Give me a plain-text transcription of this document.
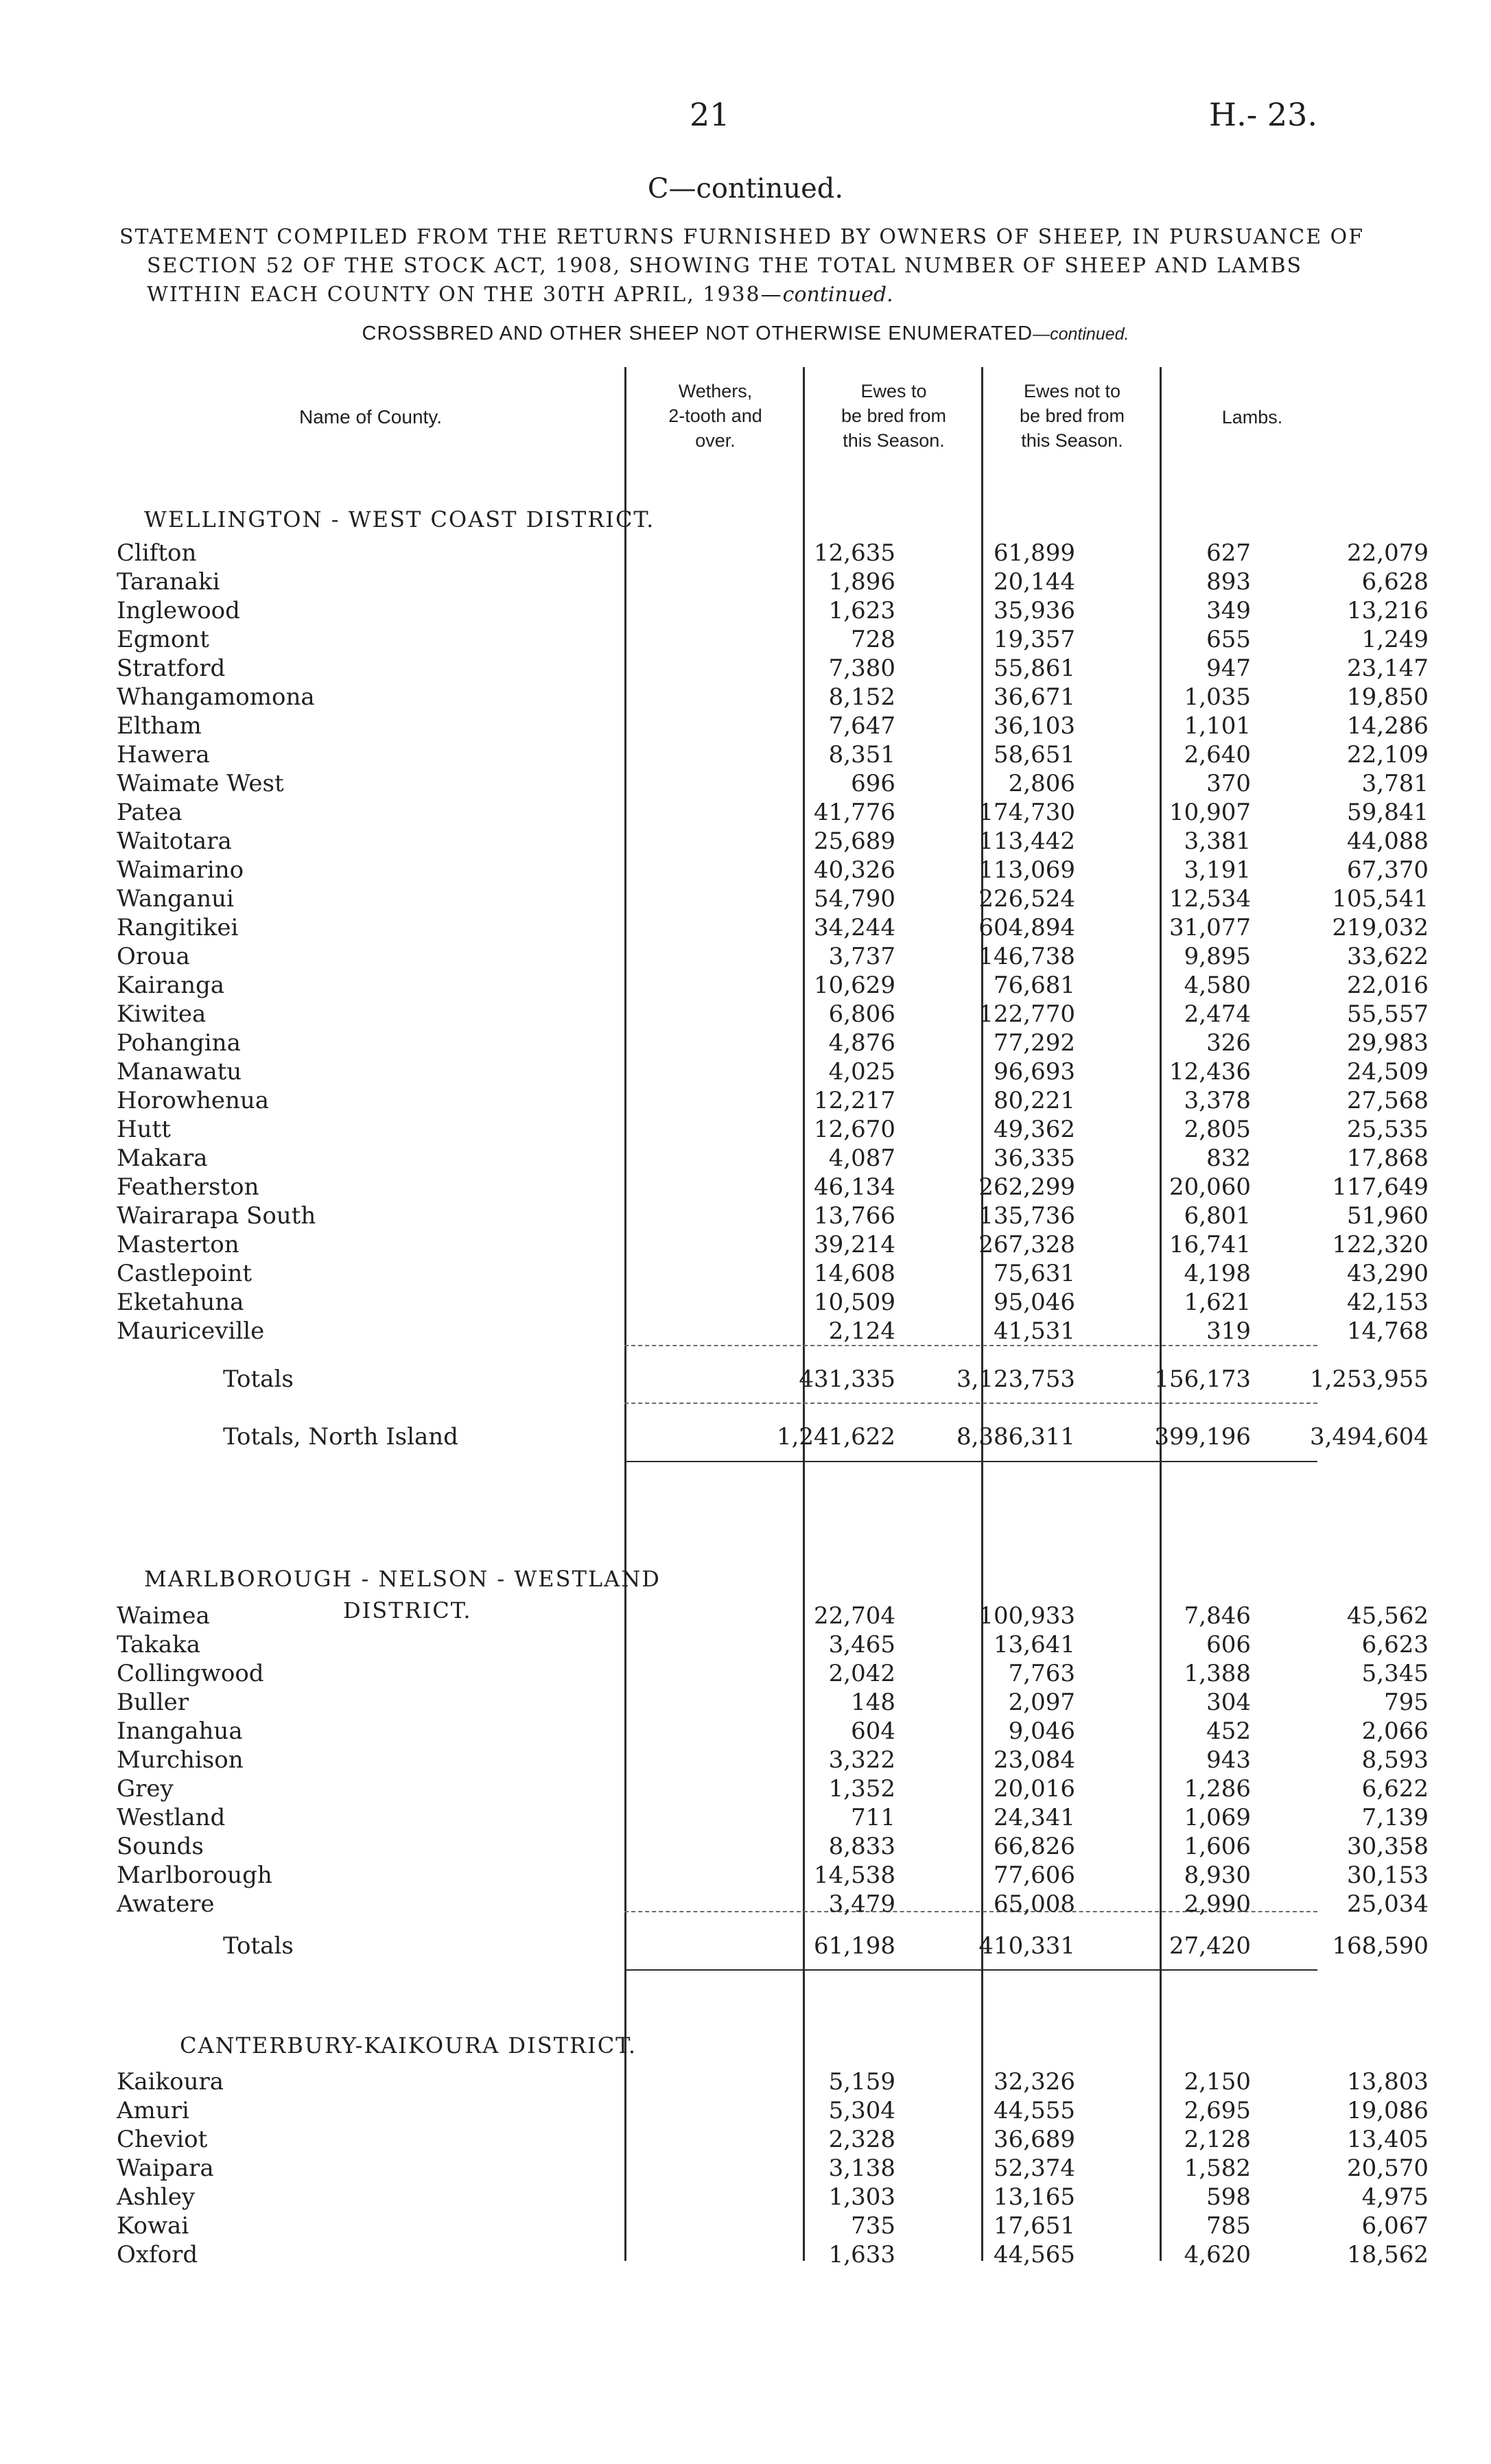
21	H.- 23.
C—continued.
STATEMENT COMPILED FROM THE RETURNS FURNISHED BY OWNERS OF SHEEP, IN PURSUANCE OF
SECTION 52 OF THE STOCK ACT, 1908, SHOWING THE TOTAL NUMBER OF SHEEP AND LAMBS
WITHIN EACH COUNTY ON THE 30TH APRIL, 1938—continued.
CROSSBRED AND OTHER SHEEP NOT OTHERWISE ENUMERATED—continued.
Name of County.
Wethers,
2-tooth and
over.
Ewes to
be bred from
this Season.
Ewes not to
be bred from
this Season.
Lambs.
WELLINGTON - WEST COAST DISTRICT.
Clifton	12,635	61,899	627	22,079
Taranaki	1,896	20,144	893	6,628
Inglewood	1,623	35,936	349	13,216
Egmont	728	19,357	655	1,249
Stratford	7,380	55,861	947	23,147
Whangamomona	8,152	36,671	1,035	19,850
Eltham	7,647	36,103	1,101	14,286
Hawera	8,351	58,651	2,640	22,109
Waimate West	696	2,806	370	3,781
Patea	41,776	174,730	10,907	59,841
Waitotara	25,689	113,442	3,381	44,088
Waimarino	40,326	113,069	3,191	67,370
Wanganui	54,790	226,524	12,534	105,541
Rangitikei	34,244	604,894	31,077	219,032
Oroua	3,737	146,738	9,895	33,622
Kairanga	10,629	76,681	4,580	22,016
Kiwitea	6,806	122,770	2,474	55,557
Pohangina	4,876	77,292	326	29,983
Manawatu	4,025	96,693	12,436	24,509
Horowhenua	12,217	80,221	3,378	27,568
Hutt	12,670	49,362	2,805	25,535
Makara	4,087	36,335	832	17,868
Featherston	46,134	262,299	20,060	117,649
Wairarapa South	13,766	135,736	6,801	51,960
Masterton	39,214	267,328	16,741	122,320
Castlepoint	14,608	75,631	4,198	43,290
Eketahuna	10,509	95,046	1,621	42,153
Mauriceville	2,124	41,531	319	14,768
Totals	431,335	3,123,753	156,173	1,253,955
Totals, North Island	1,241,622	8,386,311	399,196	3,494,604
MARLBOROUGH - NELSON - WESTLAND
DISTRICT.
Waimea	22,704	100,933	7,846	45,562
Takaka	3,465	13,641	606	6,623
Collingwood	2,042	7,763	1,388	5,345
Buller	148	2,097	304	795
Inangahua	604	9,046	452	2,066
Murchison	3,322	23,084	943	8,593
Grey	1,352	20,016	1,286	6,622
Westland	711	24,341	1,069	7,139
Sounds	8,833	66,826	1,606	30,358
Marlborough	14,538	77,606	8,930	30,153
Awatere	3,479	65,008	2,990	25,034
Totals	61,198	410,331	27,420	168,590
CANTERBURY-KAIKOURA DISTRICT.
Kaikoura	5,159	32,326	2,150	13,803
Amuri	5,304	44,555	2,695	19,086
Cheviot	2,328	36,689	2,128	13,405
Waipara	3,138	52,374	1,582	20,570
Ashley	1,303	13,165	598	4,975
Kowai	735	17,651	785	6,067
Oxford	1,633	44,565	4,620	18,562
